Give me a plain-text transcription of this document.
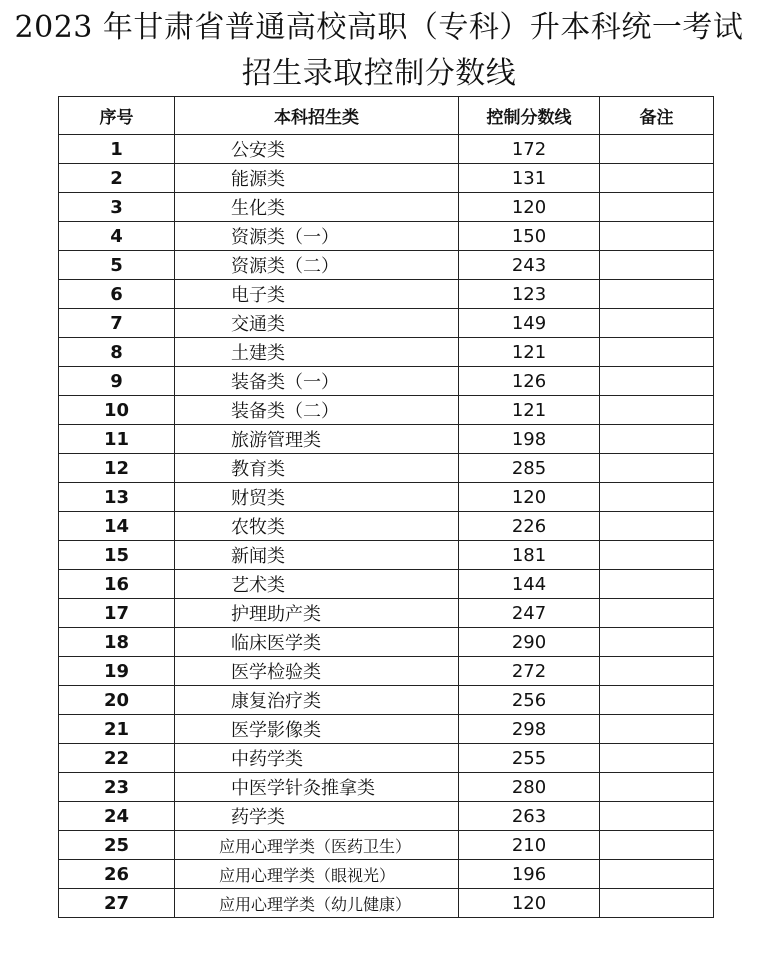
2023 年甘肃省普通高校高职（专科）升本科统一考试
招生录取控制分数线
序号	本科招生类	控制分数线	备注
1	公安类	172	
2	能源类	131	
3	生化类	120	
4	资源类（一）	150	
5	资源类（二）	243	
6	电子类	123	
7	交通类	149	
8	土建类	121	
9	装备类（一）	126	
10	装备类（二）	121	
11	旅游管理类	198	
12	教育类	285	
13	财贸类	120	
14	农牧类	226	
15	新闻类	181	
16	艺术类	144	
17	护理助产类	247	
18	临床医学类	290	
19	医学检验类	272	
20	康复治疗类	256	
21	医学影像类	298	
22	中药学类	255	
23	中医学针灸推拿类	280	
24	药学类	263	
25	应用心理学类（医药卫生）	210	
26	应用心理学类（眼视光）	196	
27	应用心理学类（幼儿健康）	120	
